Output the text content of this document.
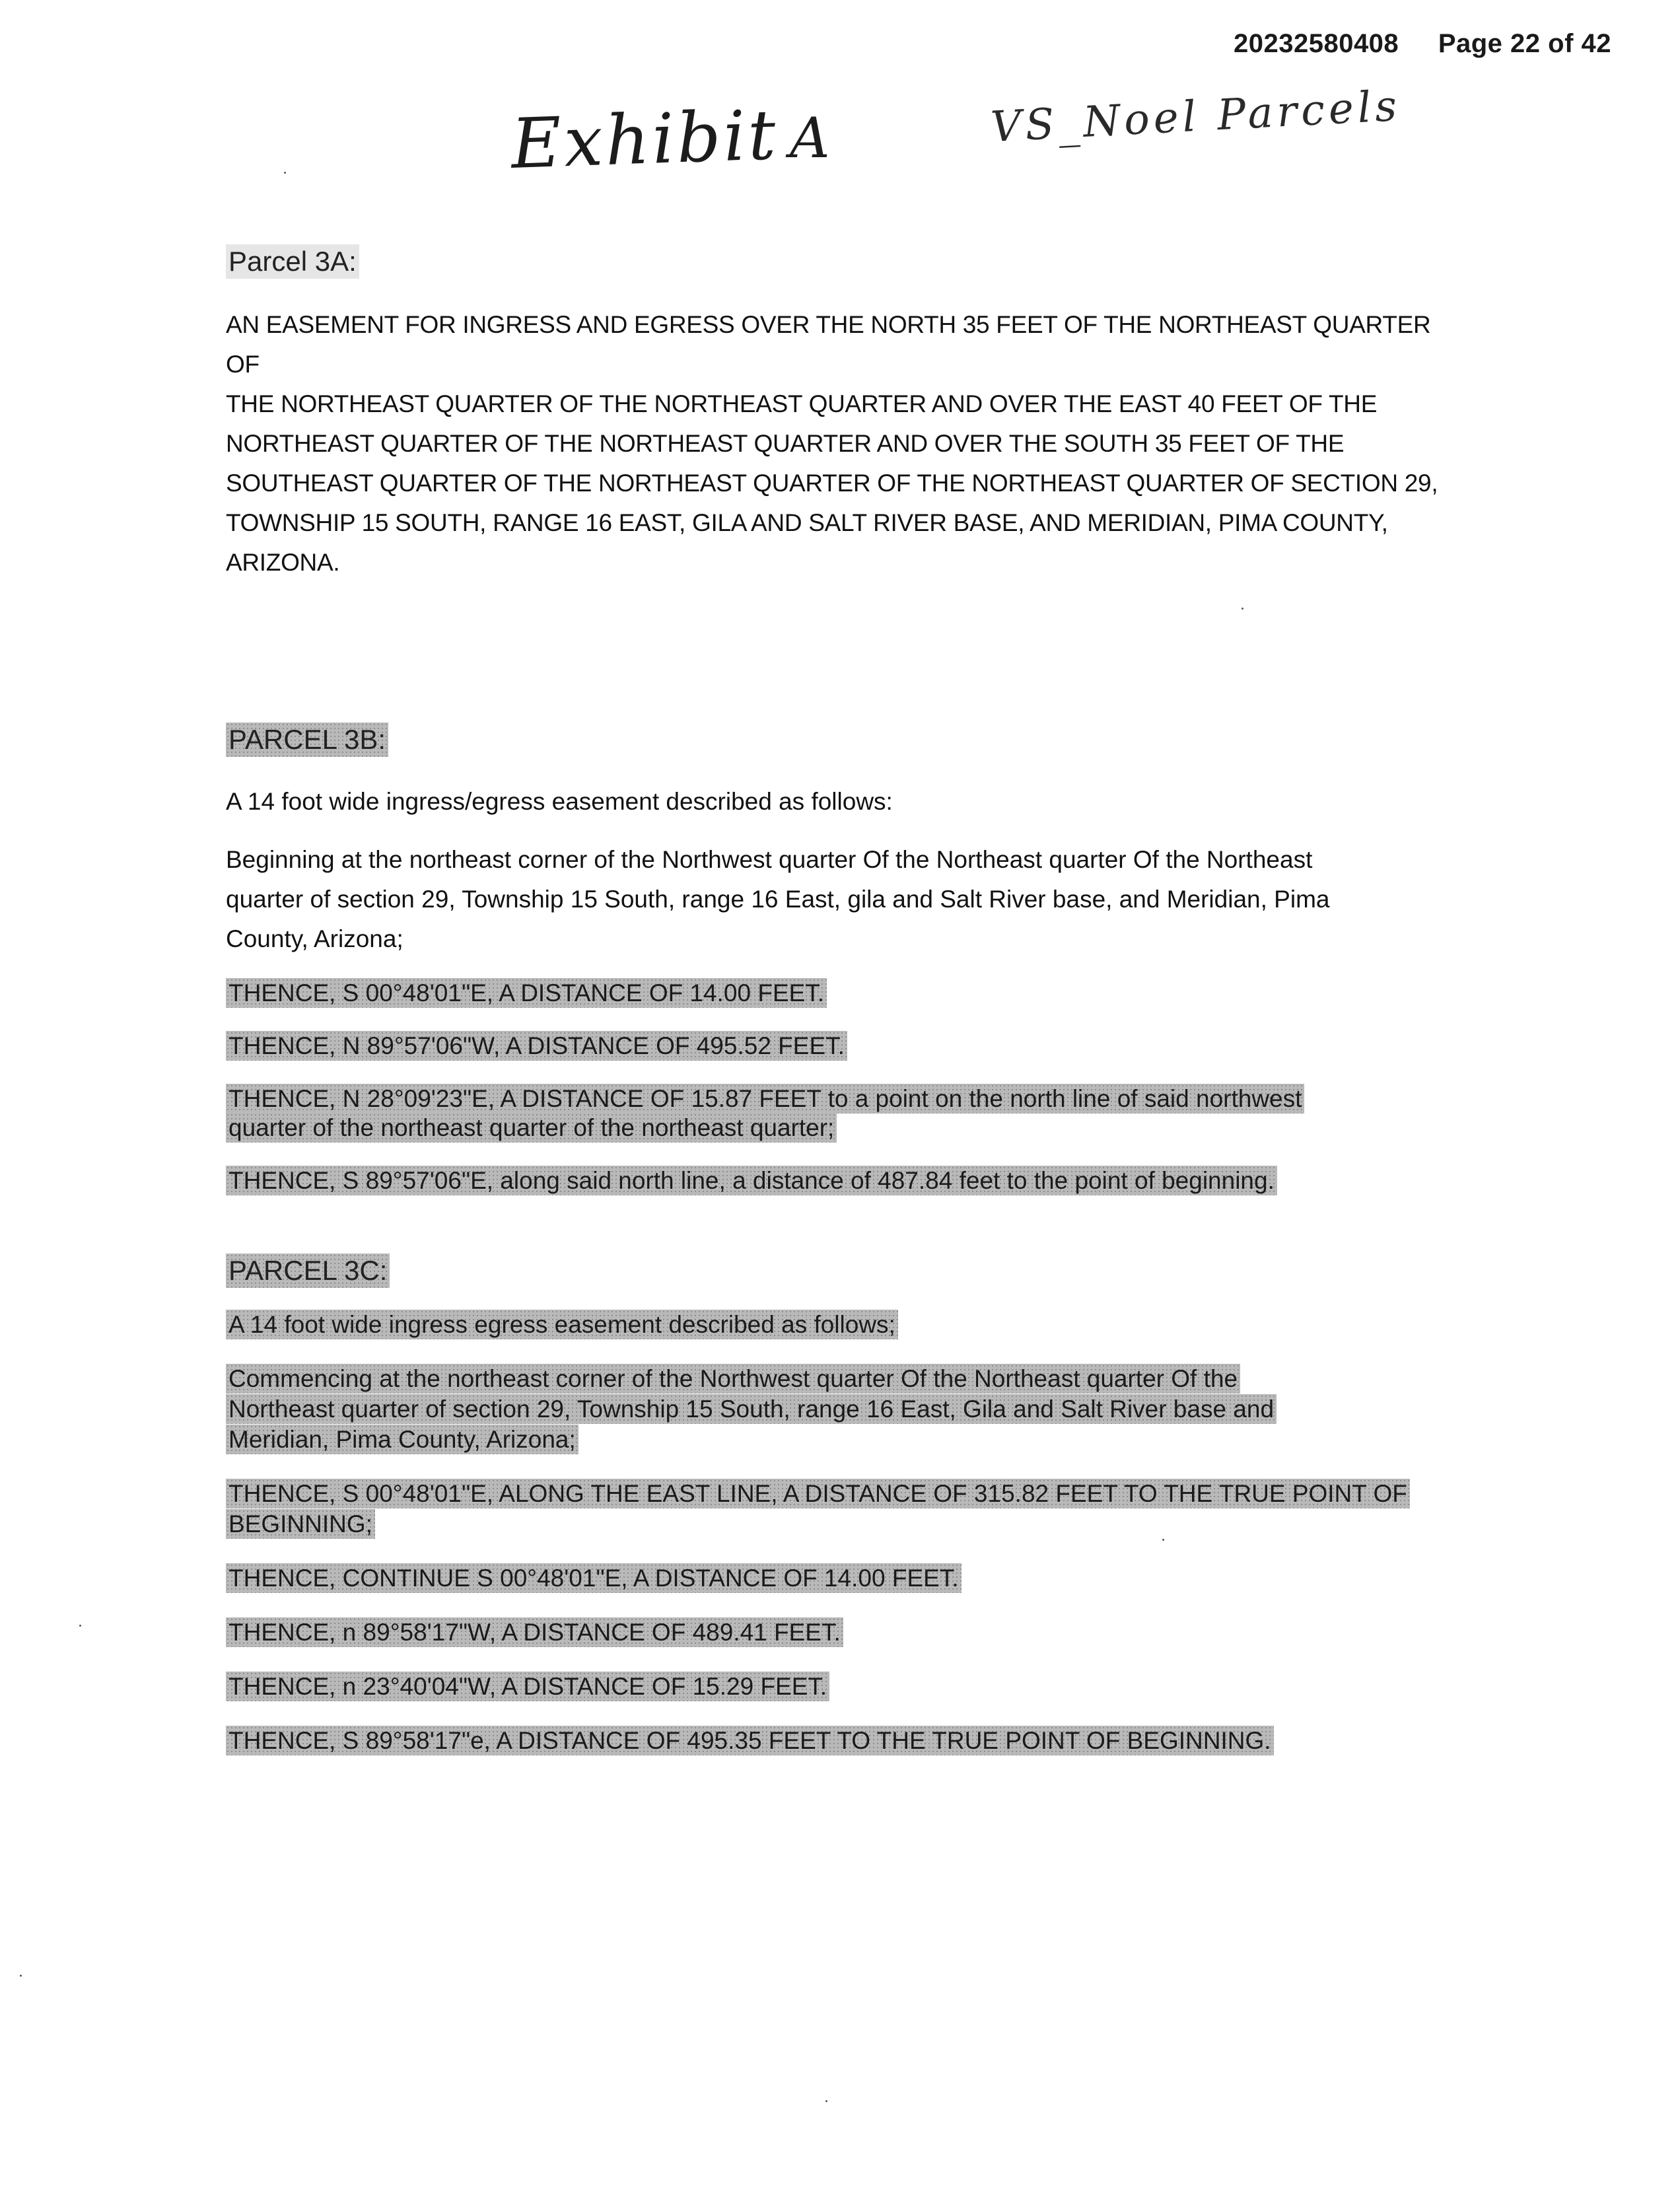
20232580408 Page 22 of 42
Exhibit A	VS_Noel Parcels
Parcel 3A:
AN EASEMENT FOR INGRESS AND EGRESS OVER THE NORTH 35 FEET OF THE NORTHEAST QUARTER OF
THE NORTHEAST QUARTER OF THE NORTHEAST QUARTER AND OVER THE EAST 40 FEET OF THE
NORTHEAST QUARTER OF THE NORTHEAST QUARTER AND OVER THE SOUTH 35 FEET OF THE
SOUTHEAST QUARTER OF THE NORTHEAST QUARTER OF THE NORTHEAST QUARTER OF SECTION 29,
TOWNSHIP 15 SOUTH, RANGE 16 EAST, GILA AND SALT RIVER BASE, AND MERIDIAN, PIMA COUNTY,
ARIZONA.
PARCEL 3B:

A 14 foot wide ingress/egress easement described as follows:

Beginning at the northeast corner of the Northwest quarter Of the Northeast quarter Of the Northeast
quarter of section 29, Township 15 South, range 16 East, gila and Salt River base, and Meridian, Pima
County, Arizona;

THENCE, S 00°48'01"E, A DISTANCE OF 14.00 FEET.

THENCE, N 89°57'06"W, A DISTANCE OF 495.52 FEET.

THENCE, N 28°09'23"E, A DISTANCE OF 15.87 FEET to a point on the north line of said northwest

quarter of the northeast quarter of the northeast quarter;

THENCE, S 89°57'06"E, along said north line, a distance of 487.84 feet to the point of beginning.

PARCEL 3C:

A 14 foot wide ingress egress easement described as follows;

Commencing at the northeast corner of the Northwest quarter Of the Northeast quarter Of the

Northeast quarter of section 29, Township 15 South, range 16 East, Gila and Salt River base and

Meridian, Pima County, Arizona;

THENCE, S 00°48'01"E, ALONG THE EAST LINE, A DISTANCE OF 315.82 FEET TO THE TRUE POINT OF

BEGINNING;

THENCE, CONTINUE S 00°48'01"E, A DISTANCE OF 14.00 FEET.

THENCE, n 89°58'17"W, A DISTANCE OF 489.41 FEET.

THENCE, n 23°40'04"W, A DISTANCE OF 15.29 FEET.

THENCE, S 89°58'17"e, A DISTANCE OF 495.35 FEET TO THE TRUE POINT OF BEGINNING.
